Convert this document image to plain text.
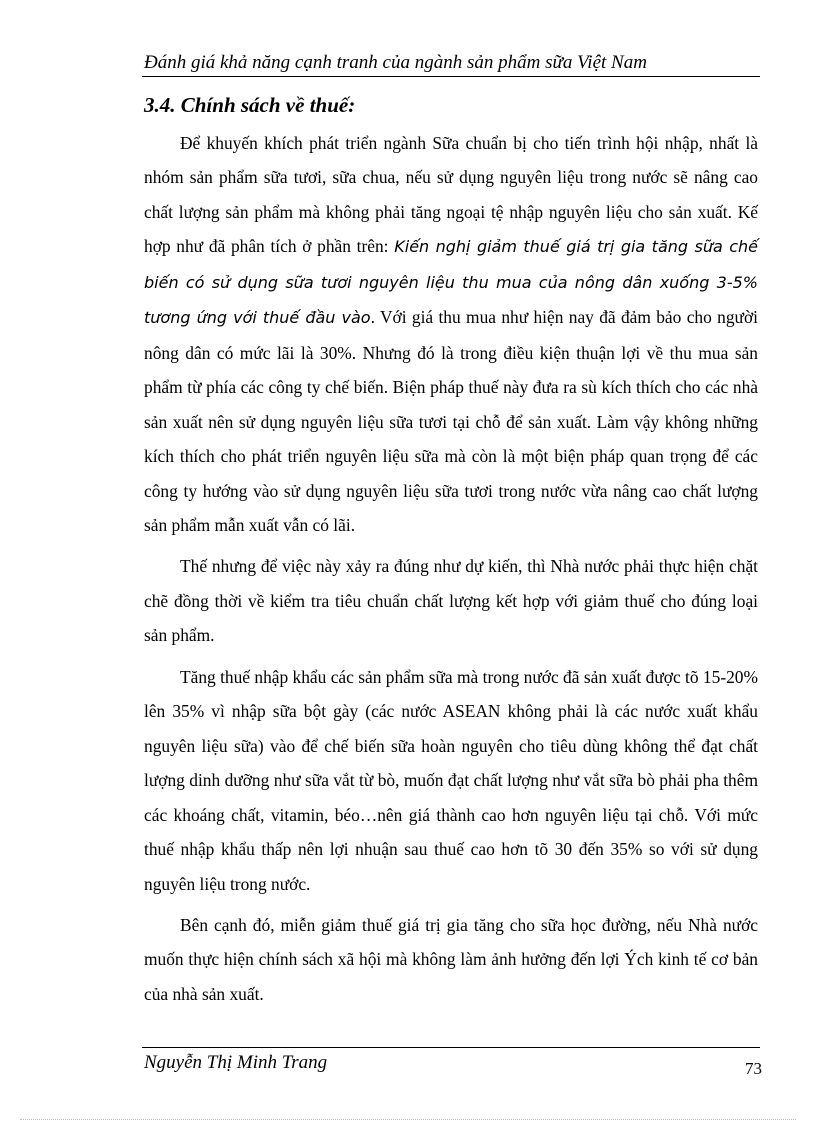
Đánh giá khả năng cạnh tranh của ngành sản phẩm sữa Việt Nam
3.4. Chính sách về thuế:

Để khuyến khích phát triển ngành Sữa chuẩn bị cho tiến trình hội nhập, nhất là nhóm sản phẩm sữa tươi, sữa chua, nếu sử dụng nguyên liệu trong nước sẽ nâng cao chất lượng sản phẩm mà không phải tăng ngoại tệ nhập nguyên liệu cho sản xuất. Kế hợp như đã phân tích ở phần trên: Kiến nghị giảm thuế giá trị gia tăng sữa chế biến có sử dụng sữa tươi nguyên liệu thu mua của nông dân xuống 3-5% tương ứng với thuế đầu vào. Với giá thu mua như hiện nay đã đảm bảo cho người nông dân có mức lãi là 30%. Nhưng đó là trong điều kiện thuận lợi về thu mua sản phẩm từ phía các công ty chế biến. Biện pháp thuế này đưa ra sù kích thích cho các nhà sản xuất nên sử dụng nguyên liệu sữa tươi tại chỗ để sản xuất. Làm vậy không những kích thích cho phát triển nguyên liệu sữa mà còn là một biện pháp quan trọng để các công ty hướng vào sử dụng nguyên liệu sữa tươi trong nước vừa nâng cao chất lượng sản phẩm mẫn xuất vẫn có lãi.

Thế nhưng để việc này xảy ra đúng như dự kiến, thì Nhà nước phải thực hiện chặt chẽ đồng thời về kiểm tra tiêu chuẩn chất lượng kết hợp với giảm thuế cho đúng loại sản phẩm.

Tăng thuế nhập khẩu các sản phẩm sữa mà trong nước đã sản xuất được tõ 15-20% lên 35% vì nhập sữa bột gày (các nước ASEAN không phải là các nước xuất khẩu nguyên liệu sữa) vào để chế biến sữa hoàn nguyên cho tiêu dùng không thể đạt chất lượng dinh dưỡng như sữa vắt từ bò, muốn đạt chất lượng như vắt sữa bò phải pha thêm các khoáng chất, vitamin, béo…nên giá thành cao hơn nguyên liệu tại chỗ. Với mức thuế nhập khẩu thấp nên lợi nhuận sau thuế cao hơn tõ 30 đến 35% so với sử dụng nguyên liệu trong nước.

Bên cạnh đó, miễn giảm thuế giá trị gia tăng cho sữa học đường, nếu Nhà nước muốn thực hiện chính sách xã hội mà không làm ảnh hưởng đến lợi Ých kinh tế cơ bản của nhà sản xuất.

Nguyễn Thị Minh Trang	73
